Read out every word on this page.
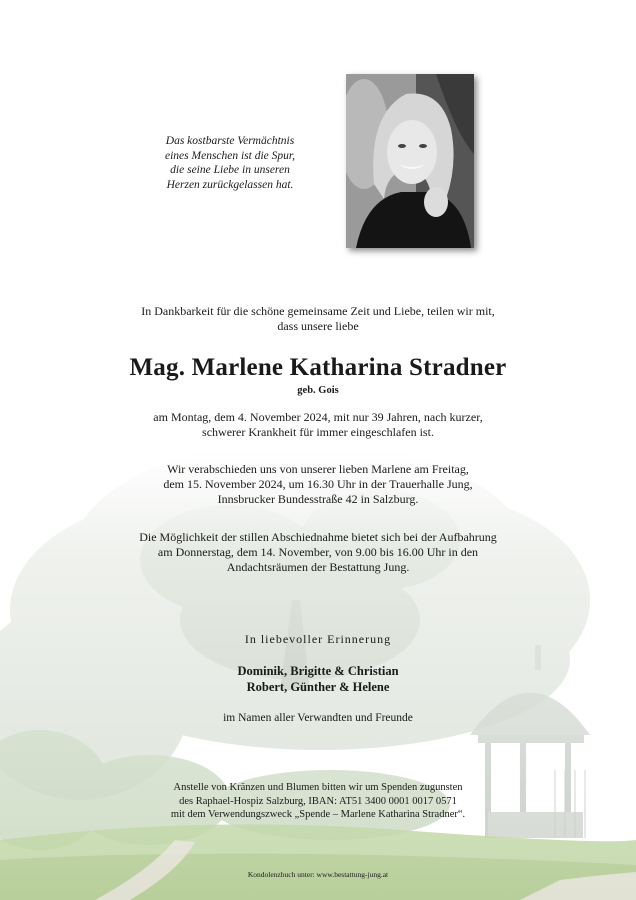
Das kostbarste Vermächtnis
eines Menschen ist die Spur,
die seine Liebe in unseren
Herzen zurückgelassen hat.
In Dankbarkeit für die schöne gemeinsame Zeit und Liebe, teilen wir mit,
dass unsere liebe
Mag. Marlene Katharina Stradner
geb. Gois
am Montag, dem 4. November 2024, mit nur 39 Jahren, nach kurzer,
schwerer Krankheit für immer eingeschlafen ist.
Wir verabschieden uns von unserer lieben Marlene am Freitag,
dem 15. November 2024, um 16.30 Uhr in der Trauerhalle Jung,
Innsbrucker Bundesstraße 42 in Salzburg.
Die Möglichkeit der stillen Abschiednahme bietet sich bei der Aufbahrung
am Donnerstag, dem 14. November, von 9.00 bis 16.00 Uhr in den
Andachtsräumen der Bestattung Jung.
In liebevoller Erinnerung
Dominik, Brigitte & Christian
Robert, Günther & Helene
im Namen aller Verwandten und Freunde
Anstelle von Kränzen und Blumen bitten wir um Spenden zugunsten
des Raphael-Hospiz Salzburg, IBAN: AT51 3400 0001 0017 0571
mit dem Verwendungszweck „Spende – Marlene Katharina Stradner“.
Kondolenzbuch unter: www.bestattung-jung.at
